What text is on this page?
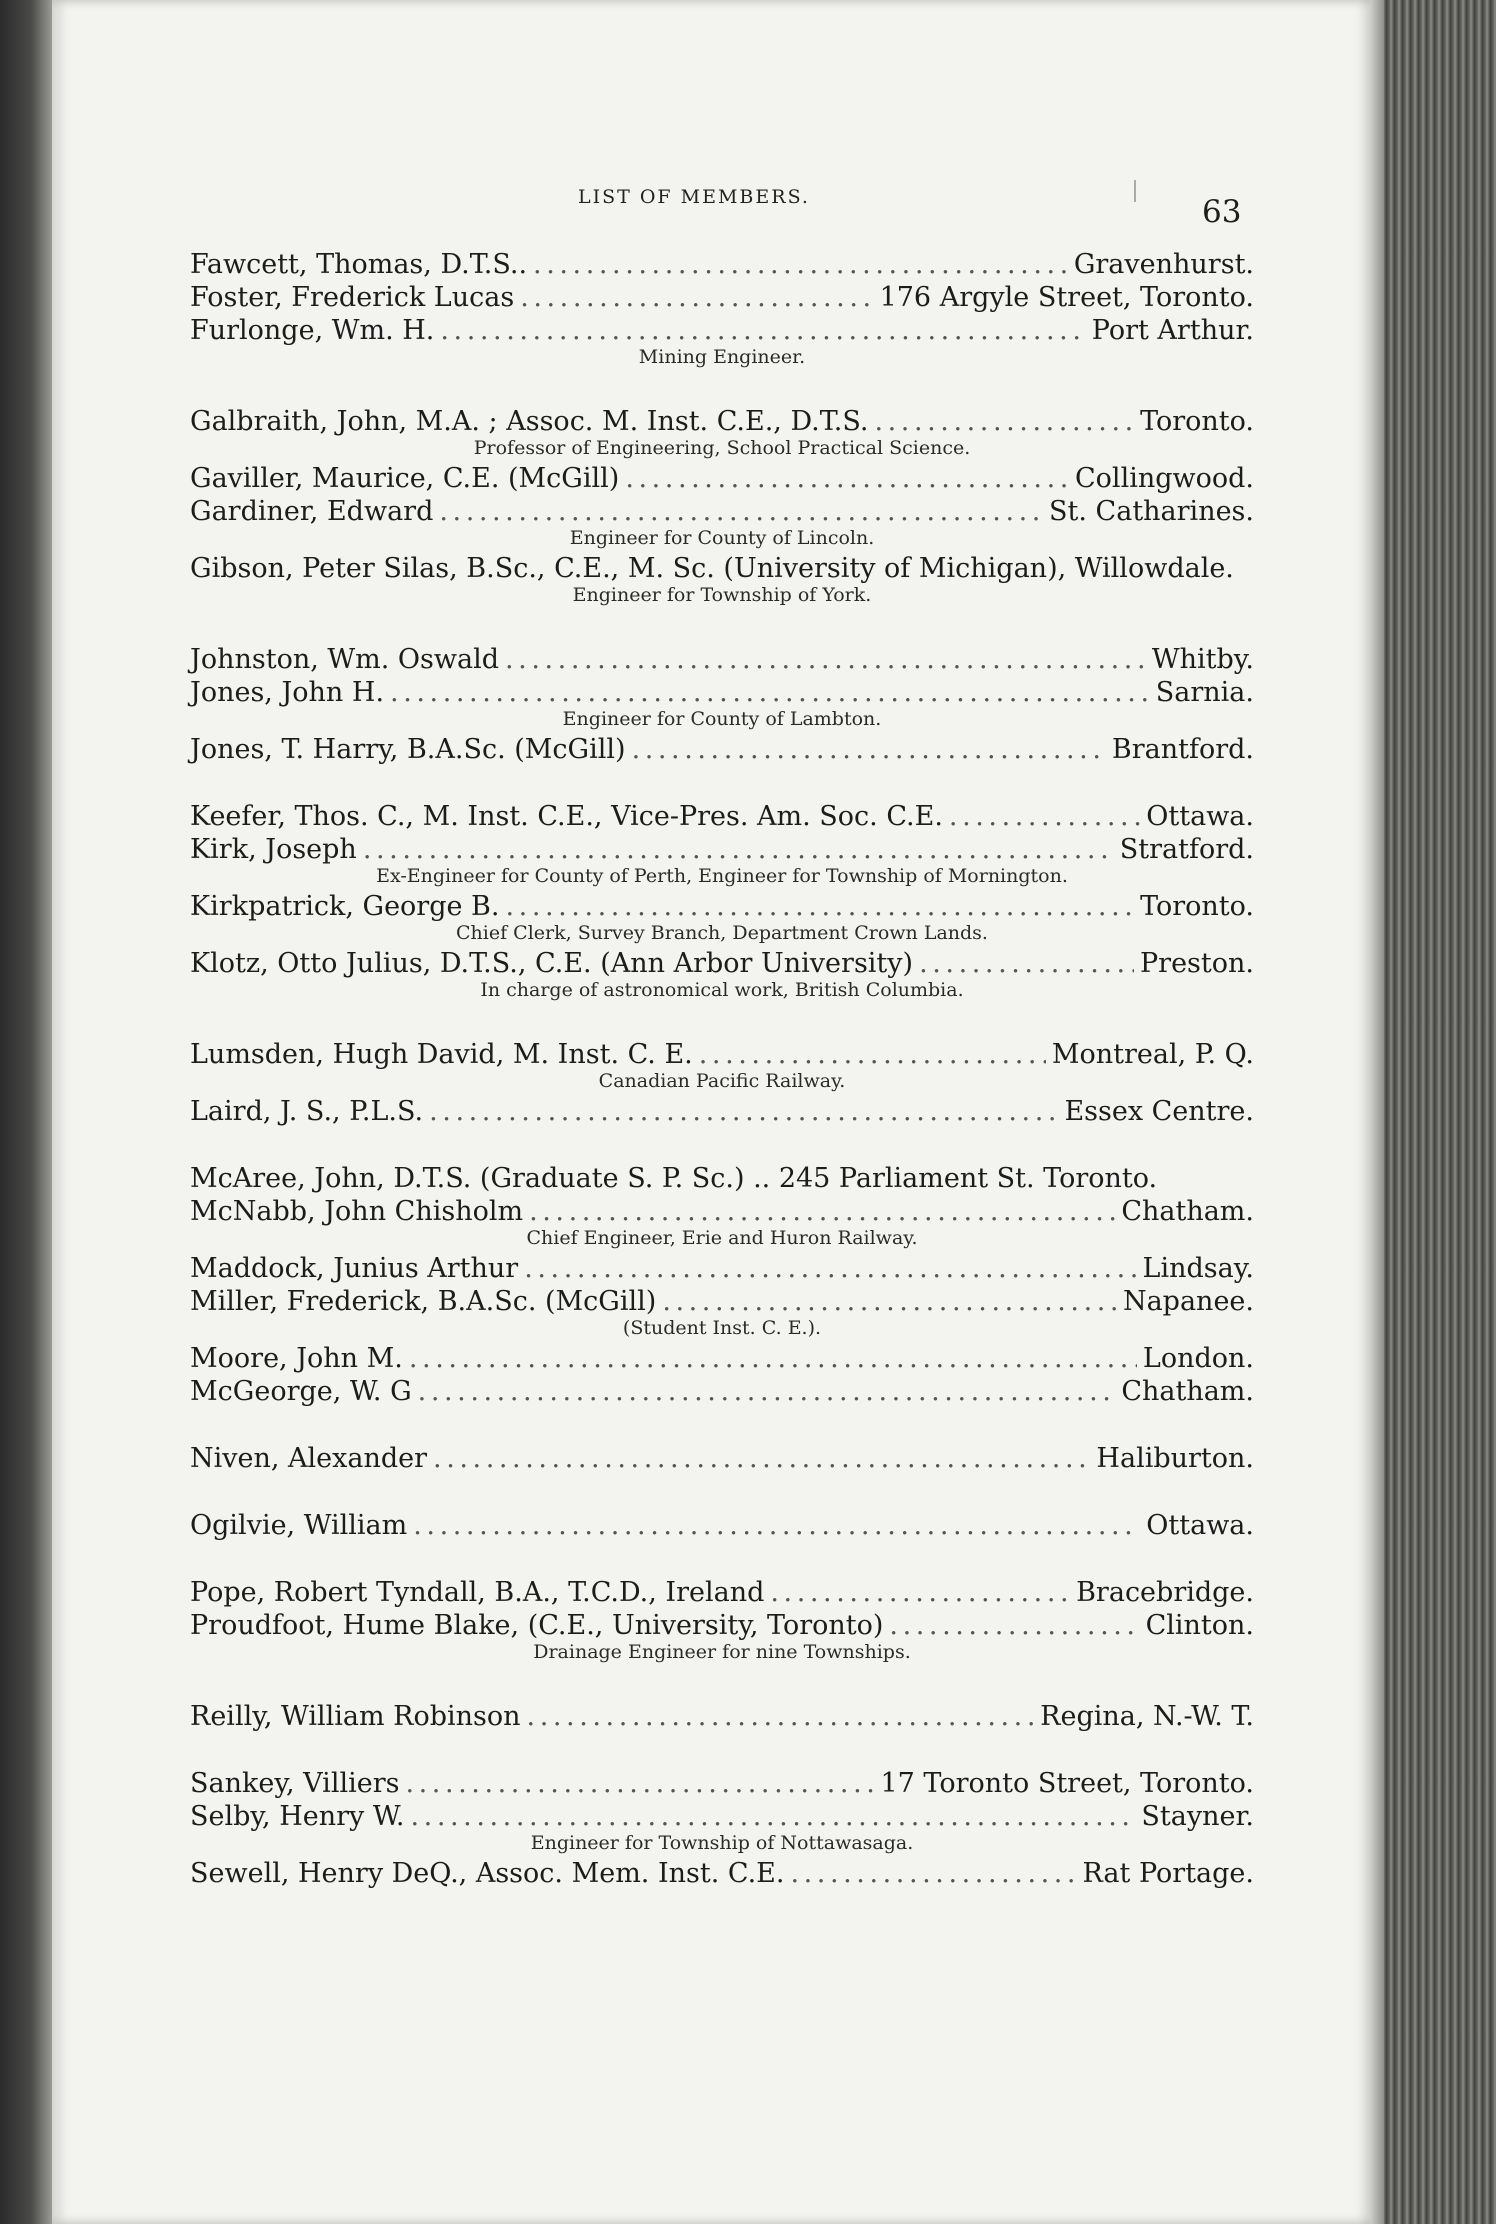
LIST OF MEMBERS.	63
Fawcett, Thomas, D.T.S.. . . .	Gravenhurst.
Foster, Frederick Lucas . . .	176 Argyle Street, Toronto.
Furlonge, Wm. H. . . .	Port Arthur.
Mining Engineer.
Galbraith, John, M.A. ; Assoc. M. Inst. C.E., D.T.S. . . .	Toronto.
Professor of Engineering, School Practical Science.
Gaviller, Maurice, C.E. (McGill) . . .	Collingwood.
Gardiner, Edward . . .	St. Catharines.
Engineer for County of Lincoln.
Gibson, Peter Silas, B.Sc., C.E., M. Sc. (University of Michigan), Willowdale.
Engineer for Township of York.
Johnston, Wm. Oswald . . .	Whitby.
Jones, John H. . . .	Sarnia.
Engineer for County of Lambton.
Jones, T. Harry, B.A.Sc. (McGill) . . .	Brantford.
Keefer, Thos. C., M. Inst. C.E., Vice-Pres. Am. Soc. C.E. . . .	Ottawa.
Kirk, Joseph . . .	Stratford.
Ex-Engineer for County of Perth, Engineer for Township of Mornington.
Kirkpatrick, George B. . . .	Toronto.
Chief Clerk, Survey Branch, Department Crown Lands.
Klotz, Otto Julius, D.T.S., C.E. (Ann Arbor University) . . .	Preston.
In charge of astronomical work, British Columbia.
Lumsden, Hugh David, M. Inst. C. E. . . .	Montreal, P. Q.
Canadian Pacific Railway.
Laird, J. S., P.L.S. . . .	Essex Centre.
McAree, John, D.T.S. (Graduate S. P. Sc.) .. 245 Parliament St. Toronto.
McNabb, John Chisholm . . .	Chatham.
Chief Engineer, Erie and Huron Railway.
Maddock, Junius Arthur . . .	Lindsay.
Miller, Frederick, B.A.Sc. (McGill) . . .	Napanee.
(Student Inst. C. E.).
Moore, John M. . . .	London.
McGeorge, W. G . . .	Chatham.
Niven, Alexander . . .	Haliburton.
Ogilvie, William . . .	Ottawa.
Pope, Robert Tyndall, B.A., T.C.D., Ireland . . .	Bracebridge.
Proudfoot, Hume Blake, (C.E., University, Toronto) . . .	Clinton.
Drainage Engineer for nine Townships.
Reilly, William Robinson . . .	Regina, N.-W. T.
Sankey, Villiers . . .	17 Toronto Street, Toronto.
Selby, Henry W. . . .	Stayner.
Engineer for Township of Nottawasaga.
Sewell, Henry DeQ., Assoc. Mem. Inst. C.E. . . .	Rat Portage.
